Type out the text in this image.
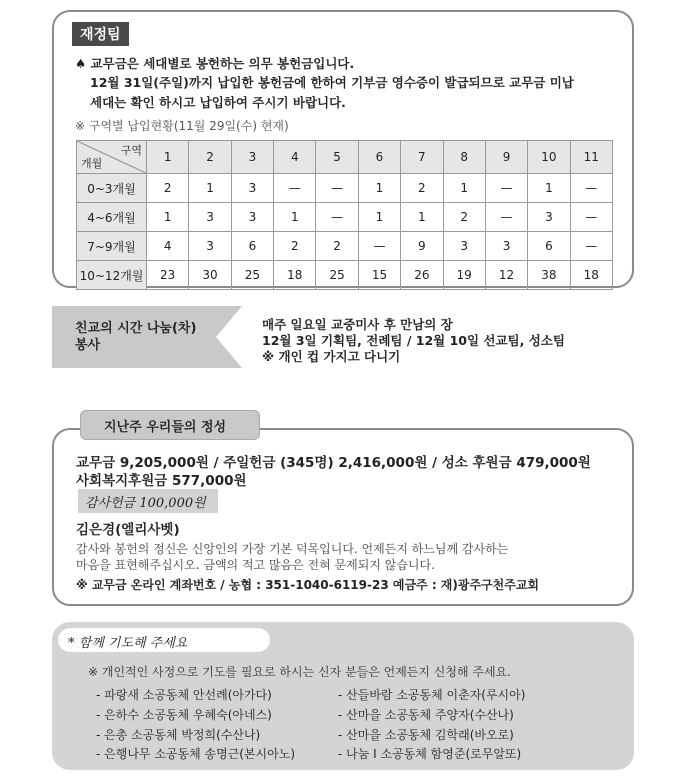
재정팀
♠ 교무금은 세대별로 봉헌하는 의무 봉헌금입니다.
12월 31일(주일)까지 납입한 봉헌금에 한하여 기부금 영수증이 발급되므로 교무금 미납
세대는 확인 하시고 납입하여 주시기 바랍니다.
※ 구역별 납입현황(11월 29일(수) 현재)
구역
개월	1	2	3	4	5	6	7	8	9	10	11
0~3개월	2	1	3	—	—	1	2	1	—	1	—
4~6개월	1	3	3	1	—	1	1	2	—	3	—
7~9개월	4	3	6	2	2	—	9	3	3	6	—
10~12개월	23	30	25	18	25	15	26	19	12	38	18
친교의 시간 나눔(차)
봉사
매주 일요일 교중미사 후 만남의 장
12월 3일 기획팀, 전례팀 / 12월 10일 선교팀, 성소팀
※ 개인 컵 가지고 다니기
지난주 우리들의 정성
교무금 9,205,000원 / 주일헌금 (345명) 2,416,000원 / 성소 후원금 479,000원
사회복지후원금 577,000원
감사헌금 100,000원
김은경(엘리사벳)
감사와 봉헌의 정신은 신앙인의 가장 기본 덕목입니다. 언제든지 하느님께 감사하는
마음을 표현해주십시오. 금액의 적고 많음은 전혀 문제되지 않습니다.
※ 교무금 온라인 계좌번호 / 농협 : 351-1040-6119-23 예금주 : 재)광주구천주교회
* 함께 기도해 주세요
※ 개인적인 사정으로 기도를 필요로 하시는 신자 분들은 언제든지 신청해 주세요.
- 파랑새 소공동체 안선례(아가다)
- 은하수 소공동체 우혜숙(아네스)
- 은총 소공동체 박정희(수산나)
- 은행나무 소공동체 송명근(본시아노)
- 산들바람 소공동체 이춘자(루시아)
- 산마을 소공동체 주양자(수산나)
- 산마을 소공동체 김학래(바오로)
- 나눔 I 소공동체 함영준(로무알또)
